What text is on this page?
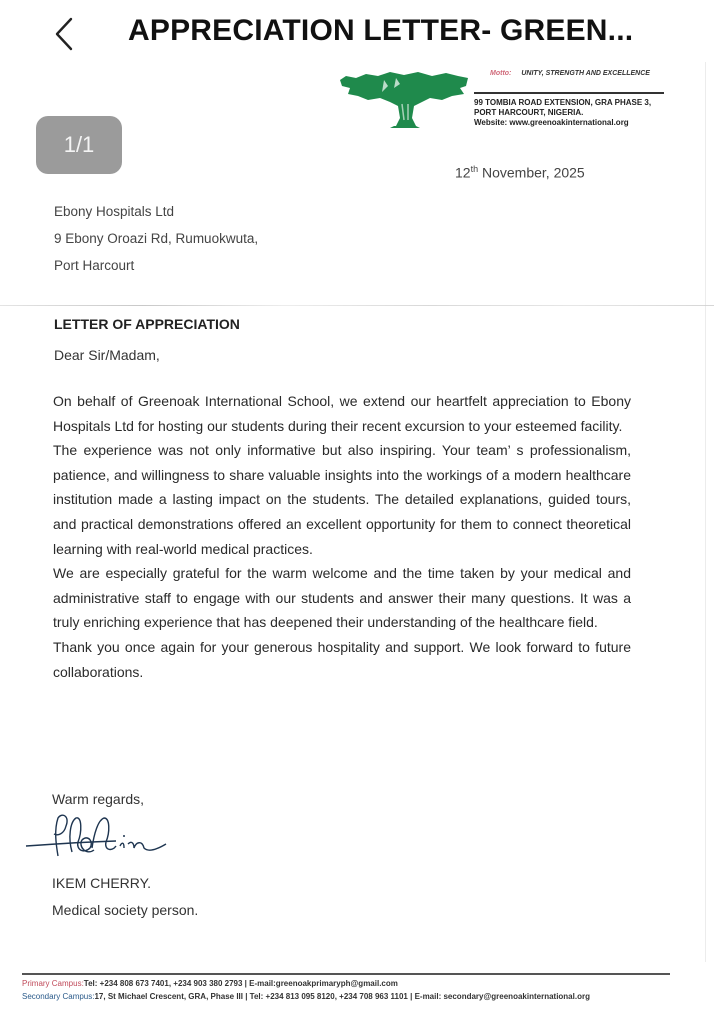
APPRECIATION LETTER- GREEN...
1/1
Motto: UNITY, STRENGTH AND EXCELLENCE
99 TOMBIA ROAD EXTENSION, GRA PHASE 3,
PORT HARCOURT, NIGERIA.
Website: www.greenoakinternational.org
12th November, 2025
Ebony Hospitals Ltd
9 Ebony Oroazi Rd, Rumuokwuta,
Port Harcourt
LETTER OF APPRECIATION
Dear Sir/Madam,

On behalf of Greenoak International School, we extend our heartfelt appreciation to Ebony Hospitals Ltd for hosting our students during their recent excursion to your esteemed facility.

The experience was not only informative but also inspiring. Your team’ s professionalism, patience, and willingness to share valuable insights into the workings of a modern healthcare institution made a lasting impact on the students. The detailed explanations, guided tours, and practical demonstrations offered an excellent opportunity for them to connect theoretical learning with real-world medical practices.

We are especially grateful for the warm welcome and the time taken by your medical and administrative staff to engage with our students and answer their many questions. It was a truly enriching experience that has deepened their understanding of the healthcare field.

Thank you once again for your generous hospitality and support. We look forward to future collaborations.

Warm regards,
IKEM CHERRY.
Medical society person.
Primary Campus:Tel: +234 808 673 7401, +234 903 380 2793 | E-mail:greenoakprimaryph@gmail.com
Secondary Campus:17, St Michael Crescent, GRA, Phase III | Tel: +234 813 095 8120, +234 708 963 1101 | E-mail: secondary@greenoakinternational.org
